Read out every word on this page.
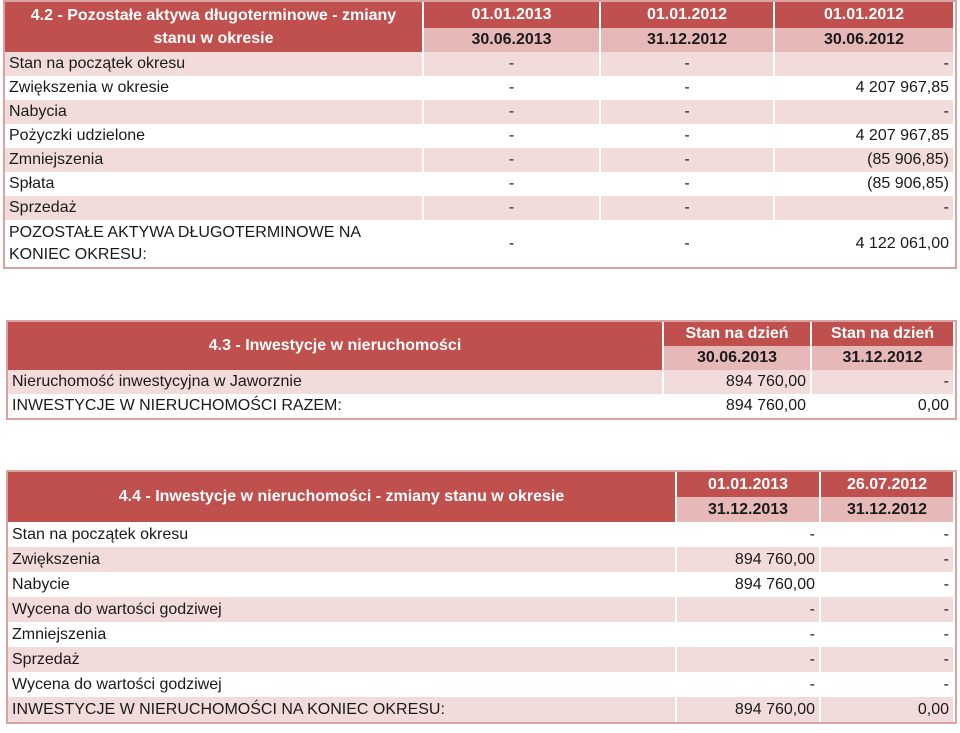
4.2 - Pozostałe aktywa długoterminowe - zmiany
stanu w okresie	01.01.2013	01.01.2012	01.01.2012
	30.06.2013	31.12.2012	30.06.2012
Stan na początek okresu	-	-	-
Zwiększenia w okresie	-	-	4 207 967,85
Nabycia	-	-	-
Pożyczki udzielone	-	-	4 207 967,85
Zmniejszenia	-	-	(85 906,85)
Spłata	-	-	(85 906,85)
Sprzedaż	-	-	-
POZOSTAŁE AKTYWA DŁUGOTERMINOWE NA
KONIEC OKRESU:	-	-	4 122 061,00
4.3 - Inwestycje w nieruchomości	Stan na dzień	Stan na dzień
	30.06.2013	31.12.2012
Nieruchomość inwestycyjna w Jaworznie	894 760,00	-
INWESTYCJE W NIERUCHOMOŚCI RAZEM:	894 760,00	0,00
4.4 - Inwestycje w nieruchomości - zmiany stanu w okresie	01.01.2013	26.07.2012
	31.12.2013	31.12.2012
Stan na początek okresu	-	-
Zwiększenia	894 760,00	-
Nabycie	894 760,00	-
Wycena do wartości godziwej	-	-
Zmniejszenia	-	-
Sprzedaż	-	-
Wycena do wartości godziwej	-	-
INWESTYCJE W NIERUCHOMOŚCI NA KONIEC OKRESU:	894 760,00	0,00
